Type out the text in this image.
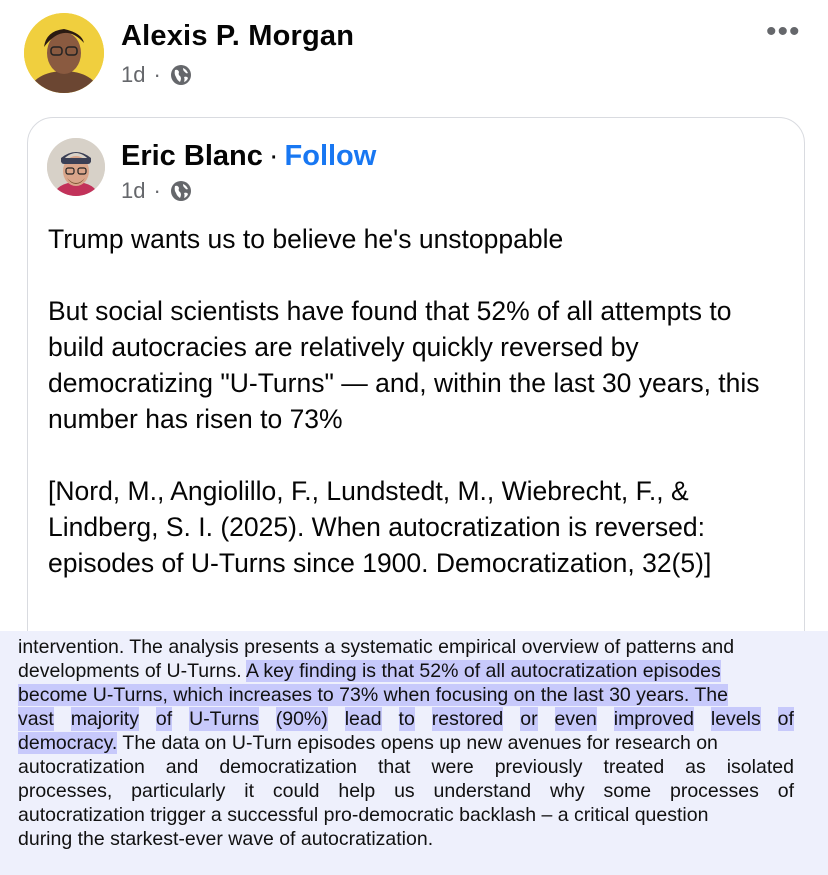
Alexis P. Morgan
1d ·
•••
Eric Blanc · Follow
1d ·
Trump wants us to believe he's unstoppable
But social scientists have found that 52% of all attempts to build autocracies are relatively quickly reversed by democratizing "U-Turns" — and, within the last 30 years, this number has risen to 73%
[Nord, M., Angiolillo, F., Lundstedt, M., Wiebrecht, F., & Lindberg, S. I. (2025). When autocratization is reversed: episodes of U-Turns since 1900. Democratization, 32(5)]
intervention. The analysis presents a systematic empirical overview of patterns and
developments of U-Turns. A key finding is that 52% of all autocratization episodes
become U-Turns, which increases to 73% when focusing on the last 30 years. The
vast majority of U-Turns (90%) lead to restored or even improved levels of
democracy. The data on U-Turn episodes opens up new avenues for research on
autocratization and democratization that were previously treated as isolated
processes, particularly it could help us understand why some processes of
autocratization trigger a successful pro-democratic backlash – a critical question
during the starkest-ever wave of autocratization.
